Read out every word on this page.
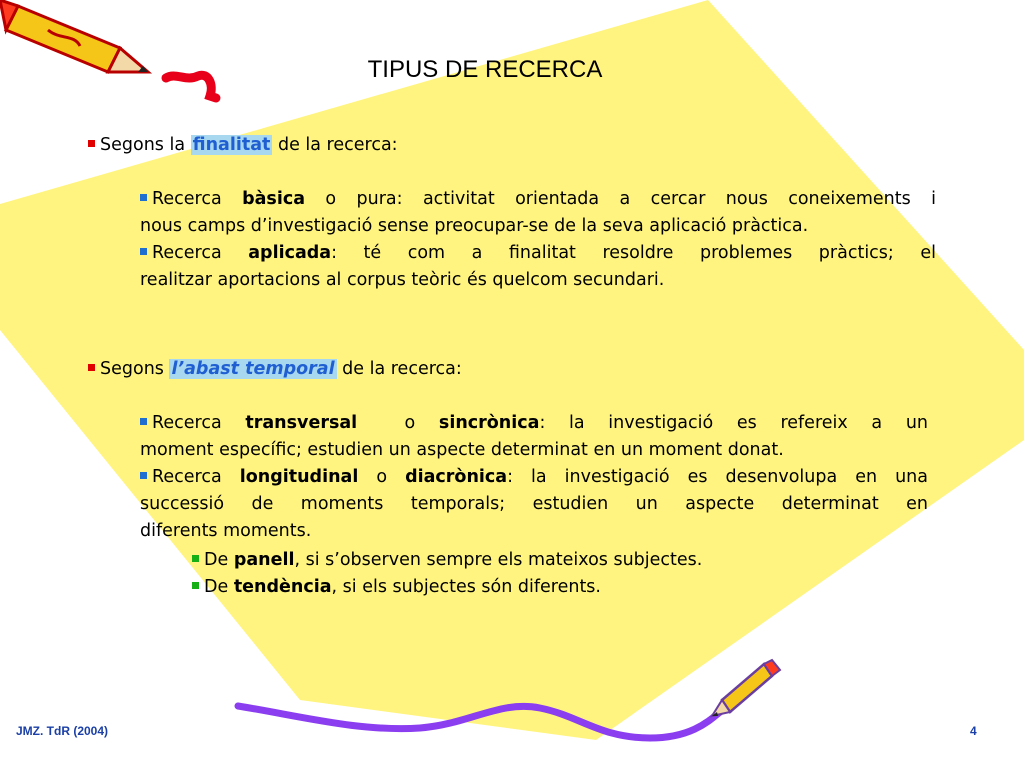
TIPUS DE RECERCA
Segons la finalitat de la recerca:
Recerca bàsica o pura: activitat orientada a cercar nous coneixements i
nous camps d’investigació sense preocupar-se de la seva aplicació pràctica.
Recerca aplicada: té com a finalitat resoldre problemes pràctics; el
realitzar aportacions al corpus teòric és quelcom secundari.
Segons l’abast temporal de la recerca:
Recerca transversal  o sincrònica: la investigació es refereix a un
moment específic; estudien un aspecte determinat en un moment donat.
Recerca longitudinal o diacrònica: la investigació es desenvolupa en una
successió de moments temporals; estudien un aspecte determinat en
diferents moments.
De panell, si s’observen sempre els mateixos subjectes.
De tendència, si els subjectes són diferents.
JMZ. TdR (2004)	4
